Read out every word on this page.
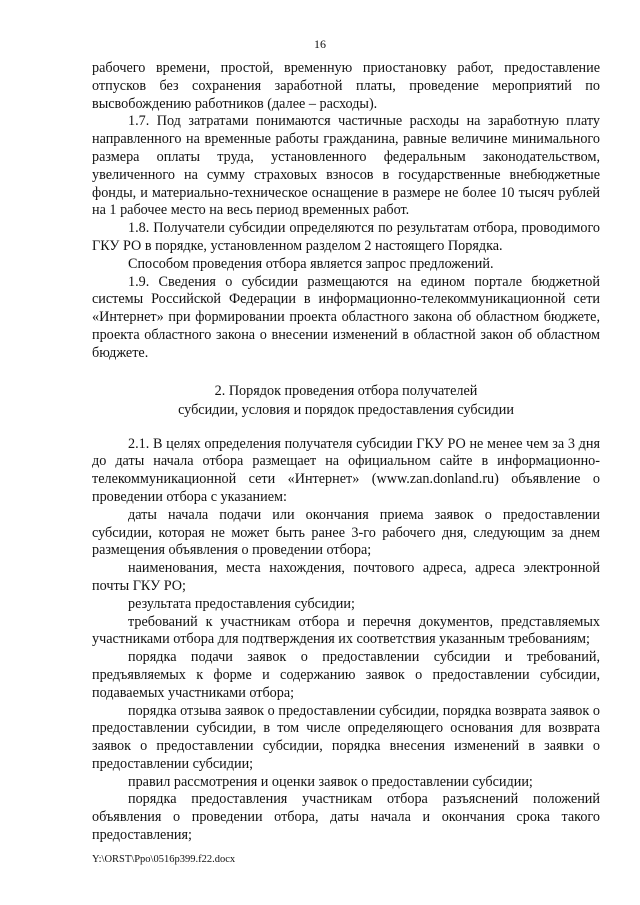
16

рабочего времени, простой, временную приостановку работ, предоставление отпусков без сохранения заработной платы, проведение мероприятий по высвобождению работников (далее – расходы).

1.7. Под затратами понимаются частичные расходы на заработную плату направленного на временные работы гражданина, равные величине минимального размера оплаты труда, установленного федеральным законодательством, увеличенного на сумму страховых взносов в государственные внебюджетные фонды, и материально-техническое оснащение в размере не более 10 тысяч рублей на 1 рабочее место на весь период временных работ.

1.8. Получатели субсидии определяются по результатам отбора, проводимого ГКУ РО в порядке, установленном разделом 2 настоящего Порядка.

Способом проведения отбора является запрос предложений.

1.9. Сведения о субсидии размещаются на едином портале бюджетной системы Российской Федерации в информационно-телекоммуникационной сети «Интернет» при формировании проекта областного закона об областном бюджете, проекта областного закона о внесении изменений в областной закон об областном бюджете.

2. Порядок проведения отбора получателей
субсидии, условия и порядок предоставления субсидии

2.1. В целях определения получателя субсидии ГКУ РО не менее чем за 3 дня до даты начала отбора размещает на официальном сайте в информационно-телекоммуникационной сети «Интернет» (www.zan.donland.ru) объявление о проведении отбора с указанием:

даты начала подачи или окончания приема заявок о предоставлении субсидии, которая не может быть ранее 3-го рабочего дня, следующим за днем размещения объявления о проведении отбора;

наименования, места нахождения, почтового адреса, адреса электронной почты ГКУ РО;

результата предоставления субсидии;

требований к участникам отбора и перечня документов, представляемых участниками отбора для подтверждения их соответствия указанным требованиям;

порядка подачи заявок о предоставлении субсидии и требований, предъявляемых к форме и содержанию заявок о предоставлении субсидии, подаваемых участниками отбора;

порядка отзыва заявок о предоставлении субсидии, порядка возврата заявок о предоставлении субсидии, в том числе определяющего основания для возврата заявок о предоставлении субсидии, порядка внесения изменений в заявки о предоставлении субсидии;

правил рассмотрения и оценки заявок о предоставлении субсидии;

порядка предоставления участникам отбора разъяснений положений объявления о проведении отбора, даты начала и окончания срока такого предоставления;

Y:\ORST\Ppo\0516p399.f22.docx
